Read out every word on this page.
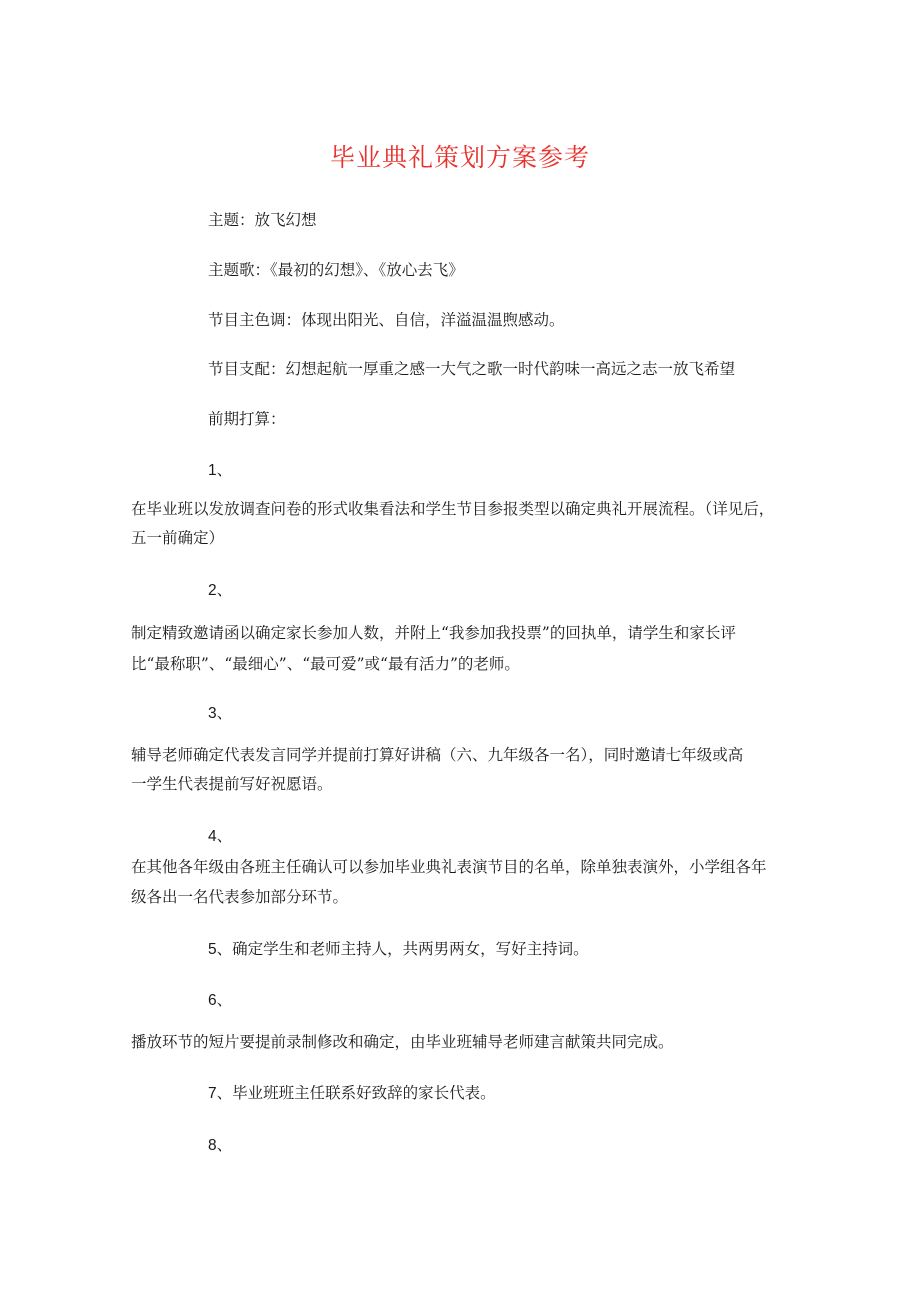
毕业典礼策划方案参考

主题：放飞幻想

主题歌：《最初的幻想》、《放心去飞》

节目主色调：体现出阳光、自信，洋溢温温煦感动。

节目支配：幻想起航一厚重之感一大气之歌一时代韵味一高远之志一放飞希望

前期打算：

1、

在毕业班以发放调查问卷的形式收集看法和学生节目参报类型以确定典礼开展流程。（详见后，

五一前确定）

2、

制定精致邀请函以确定家长参加人数，并附上“我参加我投票”的回执单，请学生和家长评

比“最称职”、“最细心”、“最可爱”或“最有活力”的老师。

3、

辅导老师确定代表发言同学并提前打算好讲稿（六、九年级各一名），同时邀请七年级或高

一学生代表提前写好祝愿语。

4、

在其他各年级由各班主任确认可以参加毕业典礼表演节目的名单，除单独表演外，小学组各年

级各出一名代表参加部分环节。

5、确定学生和老师主持人，共两男两女，写好主持词。

6、

播放环节的短片要提前录制修改和确定，由毕业班辅导老师建言献策共同完成。

7、毕业班班主任联系好致辞的家长代表。

8、
